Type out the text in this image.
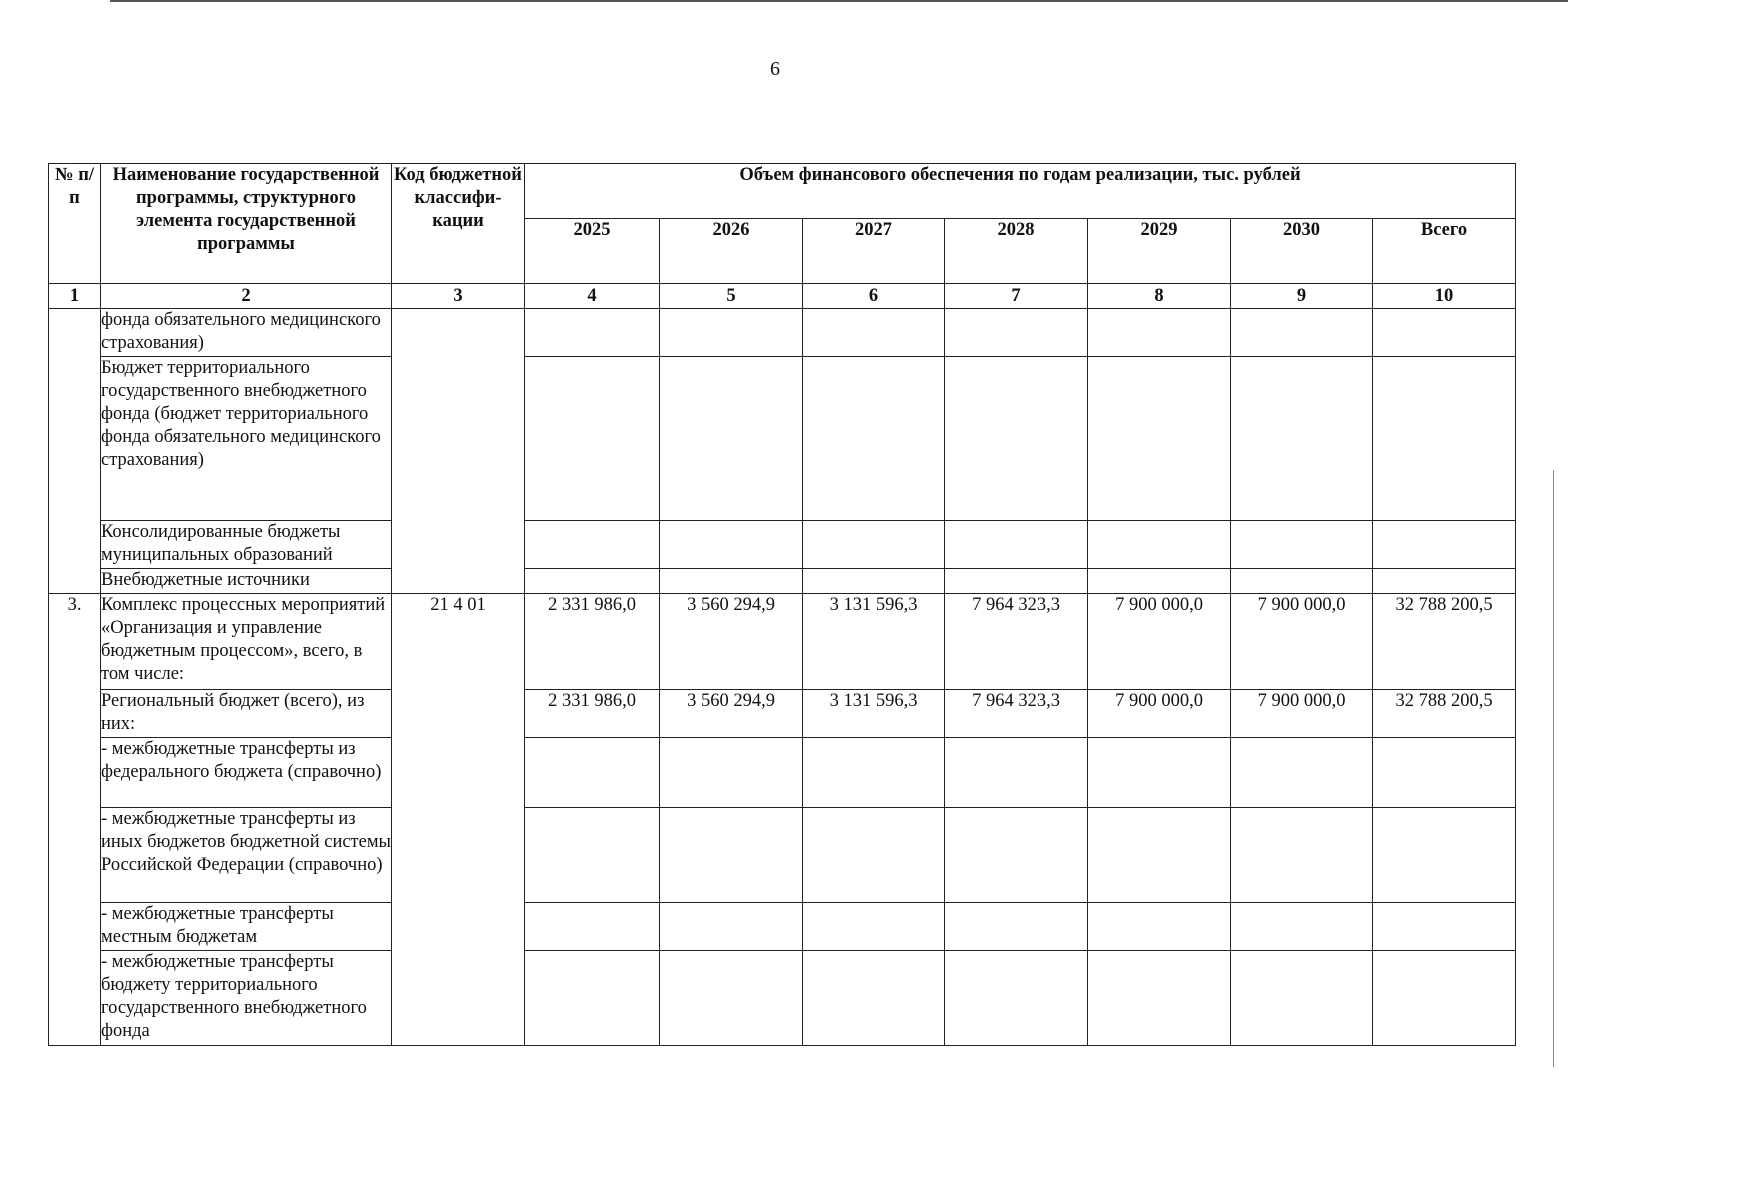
6
№ п/п	Наименование государственной программы, структурного элемента государственной программы	Код бюджетной классифи-кации	Объем финансового обеспечения по годам реализации, тыс. рублей						
			2025	2026	2027	2028	2029	2030	Всего
1	2	3	4	5	6	7	8	9	10
	фонда обязательного медицинского страхования)								
	Бюджет территориального государственного внебюджетного фонда (бюджет территориального фонда обязательного медицинского страхования)								
	Консолидированные бюджеты муниципальных образований								
	Внебюджетные источники								
3.	Комплекс процессных мероприятий «Организация и управление бюджетным процессом», всего, в том числе:	21 4 01	2 331 986,0	3 560 294,9	3 131 596,3	7 964 323,3	7 900 000,0	7 900 000,0	32 788 200,5
	Региональный бюджет (всего), из них:		2 331 986,0	3 560 294,9	3 131 596,3	7 964 323,3	7 900 000,0	7 900 000,0	32 788 200,5
	- межбюджетные трансферты из федерального бюджета (справочно)								
	- межбюджетные трансферты из иных бюджетов бюджетной системы Российской Федерации (справочно)								
	- межбюджетные трансферты местным бюджетам								
	- межбюджетные трансферты бюджету территориального государственного внебюджетного фонда								
